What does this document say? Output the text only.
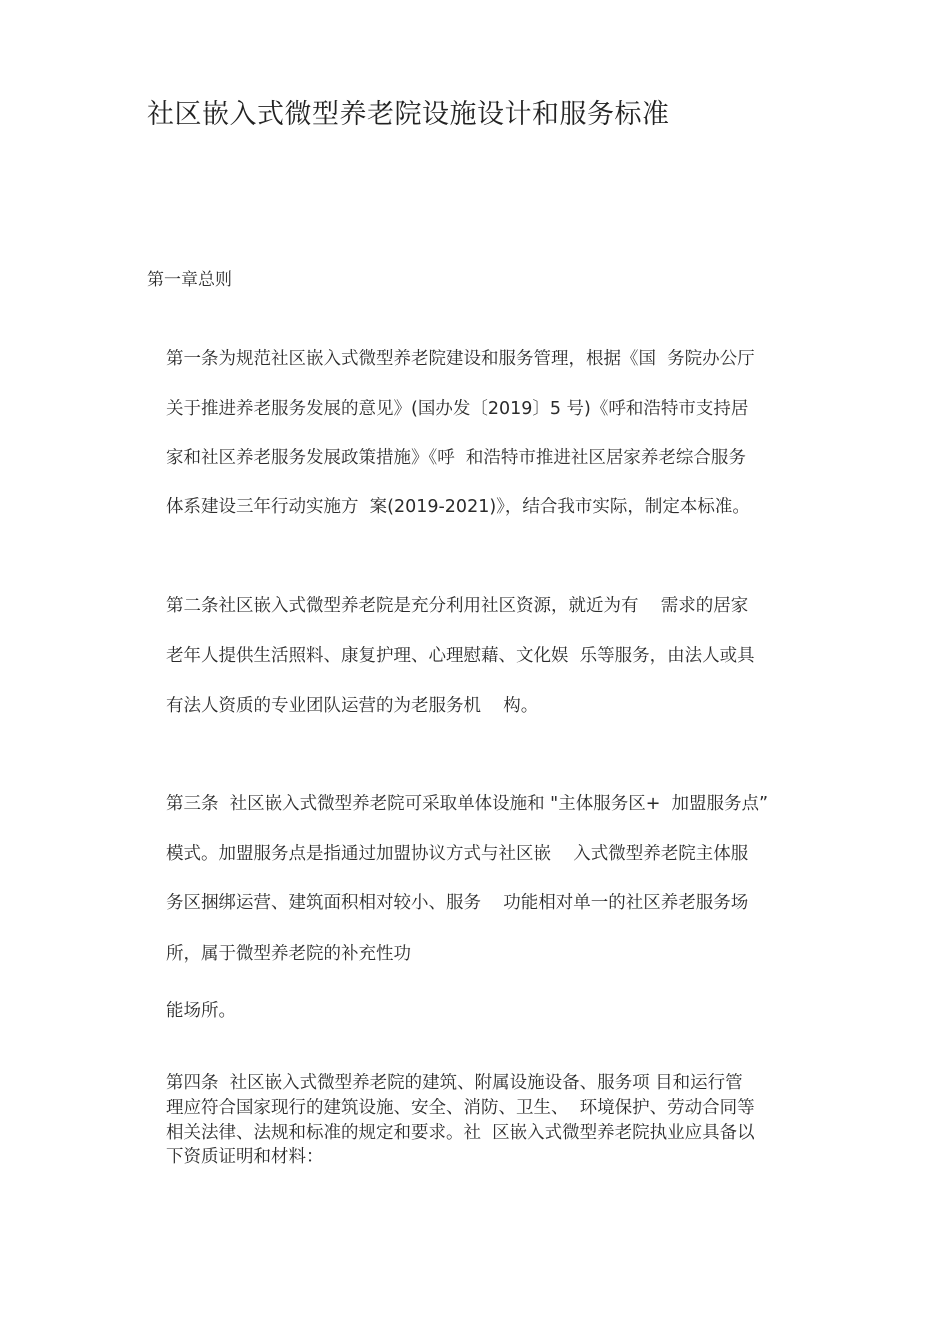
社区嵌入式微型养老院设施设计和服务标准
第一章总则
第一条为规范社区嵌入式微型养老院建设和服务管理，根据《国  务院办公厅
关于推进养老服务发展的意见》(国办发〔2019〕5 号)《呼和浩特市支持居
家和社区养老服务发展政策措施》《呼  和浩特市推进社区居家养老综合服务
体系建设三年行动实施方  案(2019-2021)》，结合我市实际，制定本标准。
第二条社区嵌入式微型养老院是充分利用社区资源，就近为有    需求的居家
老年人提供生活照料、康复护理、心理慰藉、文化娱  乐等服务，由法人或具
有法人资质的专业团队运营的为老服务机    构。
第三条  社区嵌入式微型养老院可采取单体设施和 "主体服务区+  加盟服务点”
模式。加盟服务点是指通过加盟协议方式与社区嵌    入式微型养老院主体服
务区捆绑运营、建筑面积相对较小、服务    功能相对单一的社区养老服务场
所，属于微型养老院的补充性功
能场所。
第四条  社区嵌入式微型养老院的建筑、附属设施设备、服务项 目和运行管
理应符合国家现行的建筑设施、安全、消防、卫生、  环境保护、劳动合同等
相关法律、法规和标准的规定和要求。社  区嵌入式微型养老院执业应具备以
下资质证明和材料：
